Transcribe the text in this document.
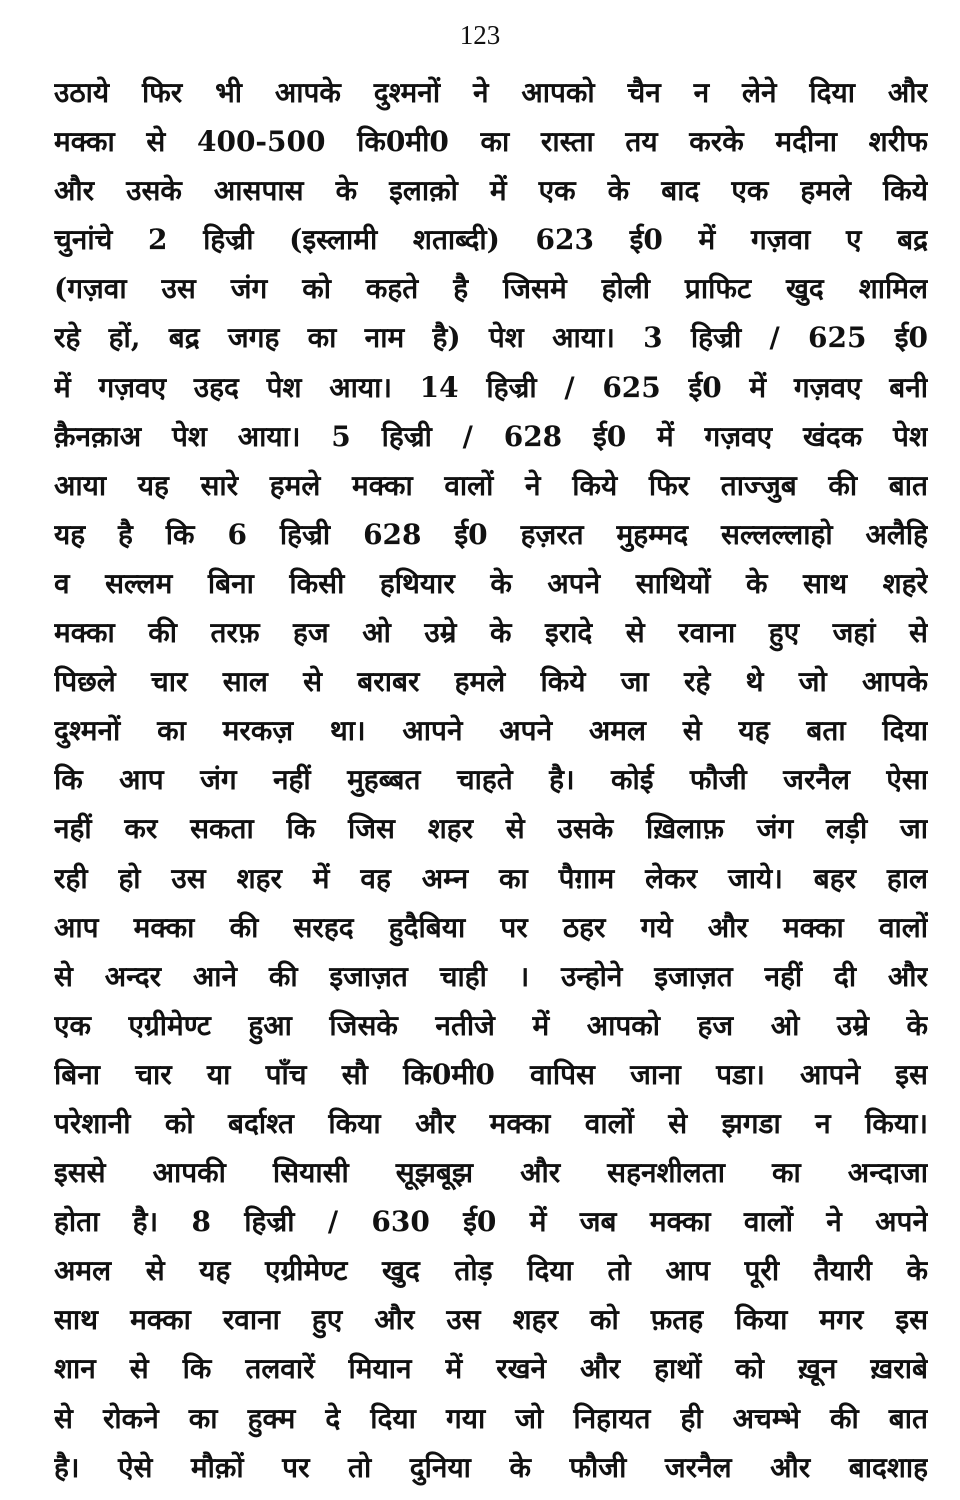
123
उठाये फिर भी आपके दुश्मनों ने आपको चैन न लेने दिया और
मक्का से 400-500 कि0मी0 का रास्ता तय करके मदीना शरीफ
और उसके आसपास के इलाक़ो में एक के बाद एक हमले किये
चुनांचे 2 हिज्री (इस्लामी शताब्दी) 623 ई0 में गज़वा ए बद्र
(गज़वा उस जंग को कहते है जिसमे होली प्राफिट खुद शामिल
रहे हों, बद्र जगह का नाम है) पेश आया। 3 हिज्री / 625 ई0
में गज़वए उहद पेश आया। 14 हिज्री / 625 ई0 में गज़वए बनी
क़ैनक़ाअ पेश आया। 5 हिज्री / 628 ई0 में गज़वए खंदक पेश
आया यह सारे हमले मक्का वालों ने किये फिर ताज्जुब की बात
यह है कि 6 हिज्री 628 ई0 हज़रत मुहम्मद सल्लल्लाहो अलैहि
व सल्लम बिना किसी हथियार के अपने साथियों के साथ शहरे
मक्का की तरफ़ हज ओ उम्रे के इरादे से रवाना हुए जहां से
पिछले चार साल से बराबर हमले किये जा रहे थे जो आपके
दुश्मनों का मरकज़ था। आपने अपने अमल से यह बता दिया
कि आप जंग नहीं मुहब्बत चाहते है। कोई फौजी जरनैल ऐसा
नहीं कर सकता कि जिस शहर से उसके ख़िलाफ़ जंग लड़ी जा
रही हो उस शहर में वह अम्न का पैग़ाम लेकर जाये। बहर हाल
आप मक्का की सरहद हुदैबिया पर ठहर गये और मक्का वालों
से अन्दर आने की इजाज़त चाही । उन्होने इजाज़त नहीं दी और
एक एग्रीमेण्ट हुआ जिसके नतीजे में आपको हज ओ उम्रे के
बिना चार या पाँच सौ कि0मी0 वापिस जाना पडा। आपने इस
परेशानी को बर्दाश्त किया और मक्का वालों से झगडा न किया।
इससे आपकी सियासी सूझबूझ और सहनशीलता का अन्दाजा
होता है। 8 हिज्री / 630 ई0 में जब मक्का वालों ने अपने
अमल से यह एग्रीमेण्ट खुद तोड़ दिया तो आप पूरी तैयारी के
साथ मक्का रवाना हुए और उस शहर को फ़तह किया मगर इस
शान से कि तलवारें मियान में रखने और हाथों को ख़ून ख़राबे
से रोकने का हुक्म दे दिया गया जो निहायत ही अचम्भे की बात
है। ऐसे मौक़ों पर तो दुनिया के फौजी जरनैल और बादशाह
